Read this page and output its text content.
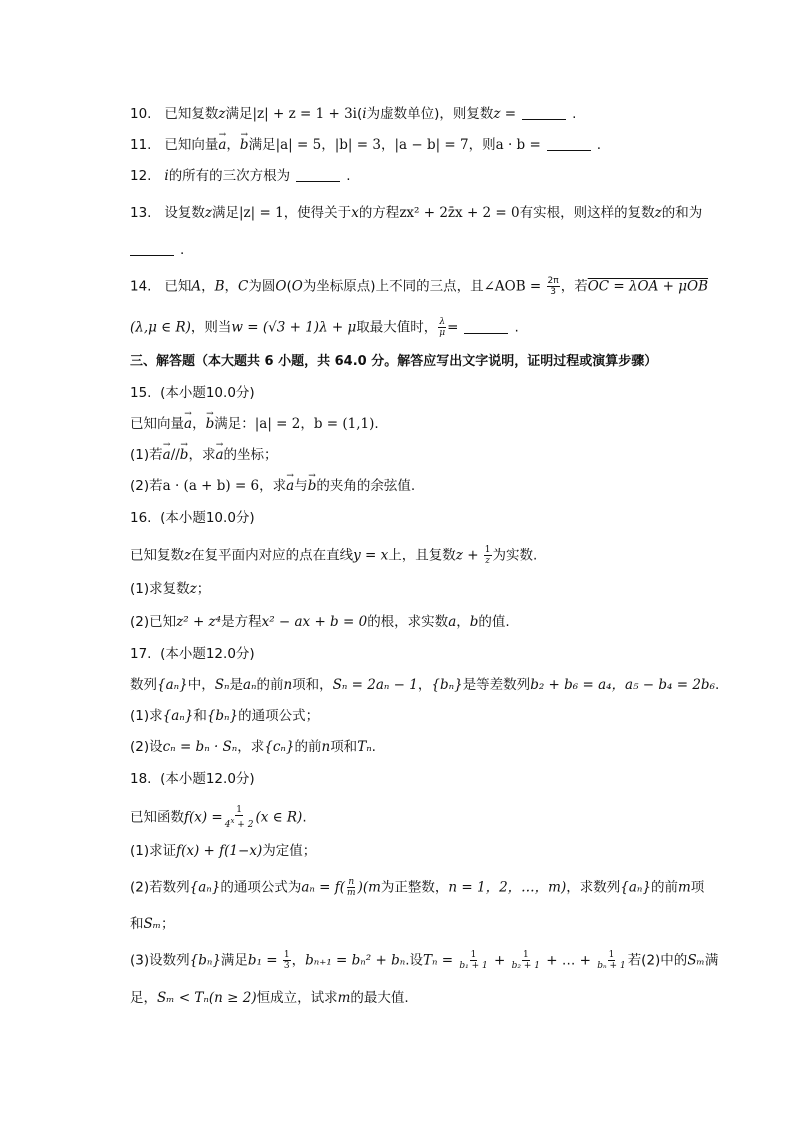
10. 已知复数z满足|z| + z = 1 + 3i(i为虚数单位)，则复数z =	.
11. 已知向量→ a，→ b满足|a| = 5，|b| = 3，|a − b| = 7，则a · b =	.
12. i的所有的三次方根为	.
13. 设复数z满足|z| = 1，使得关于x的方程zx² + 2z̄x + 2 = 0有实根，则这样的复数z的和为
.
14. 已知A，B，C为圆O(O为坐标原点)上不同的三点，且∠AOB = $\frac{2\pi}{3}$ ，若OC = λOA + μOB
(λ,μ ∈ R)，则当w = (√3 + 1)λ + μ取最大值时， $\frac{\lambda}{\mu}$ =	.
三、解答题（本大题共 6 小题，共 64.0 分。解答应写出文字说明，证明过程或演算步骤）
15. (本小题10.0分)
已知向量→ a，→ b满足：|a| = 2，b = (1,1).
(1)若→ a//→ b，求→ a的坐标；
(2)若a · (a + b) = 6，求→ a与→ b的夹角的余弦值.
16. (本小题10.0分)
已知复数z在复平面内对应的点在直线y = x上，且复数$z + \frac{1}{z}$ 为实数.
(1)求复数z；
(2)已知z² + z⁴是方程x² − ax + b = 0的根，求实数a，b的值.
17. (本小题12.0分)
数列{aₙ}中，Sₙ是aₙ的前n项和，Sₙ = 2aₙ − 1，{bₙ}是等差数列b₂ + b₆ = a₄，a₅ − b₄ = 2b₆.
(1)求{aₙ}和{bₙ}的通项公式；
(2)设cₙ = bₙ · Sₙ，求{cₙ}的前n项和Tₙ.
18. (本小题12.0分)
已知函数$f(x) = \frac{1}{4^x + 2} (x$ ∈ R).
(1)求证f(x) + f(1−x)为定值；
(2)若数列{aₙ}的通项公式为$a_n = f( \frac{n}{m} )(m$为正整数，n = 1，2，…，m)，求数列{aₙ}的前m项
和Sₘ；
(3)设数列{bₙ}满足$b_1 = \frac{1}{3}$ ，bₙ₊₁ = bₙ² + bₙ.设$T_n = \frac{1}{\text{b₁ + 1}} + \frac{1}{\text{b₂ + 1}}$ + … + $\frac{1}{\text{bₙ + 1}}$ 若(2)中的Sₘ满
足，Sₘ < Tₙ(n ≥ 2)恒成立，试求m的最大值.
